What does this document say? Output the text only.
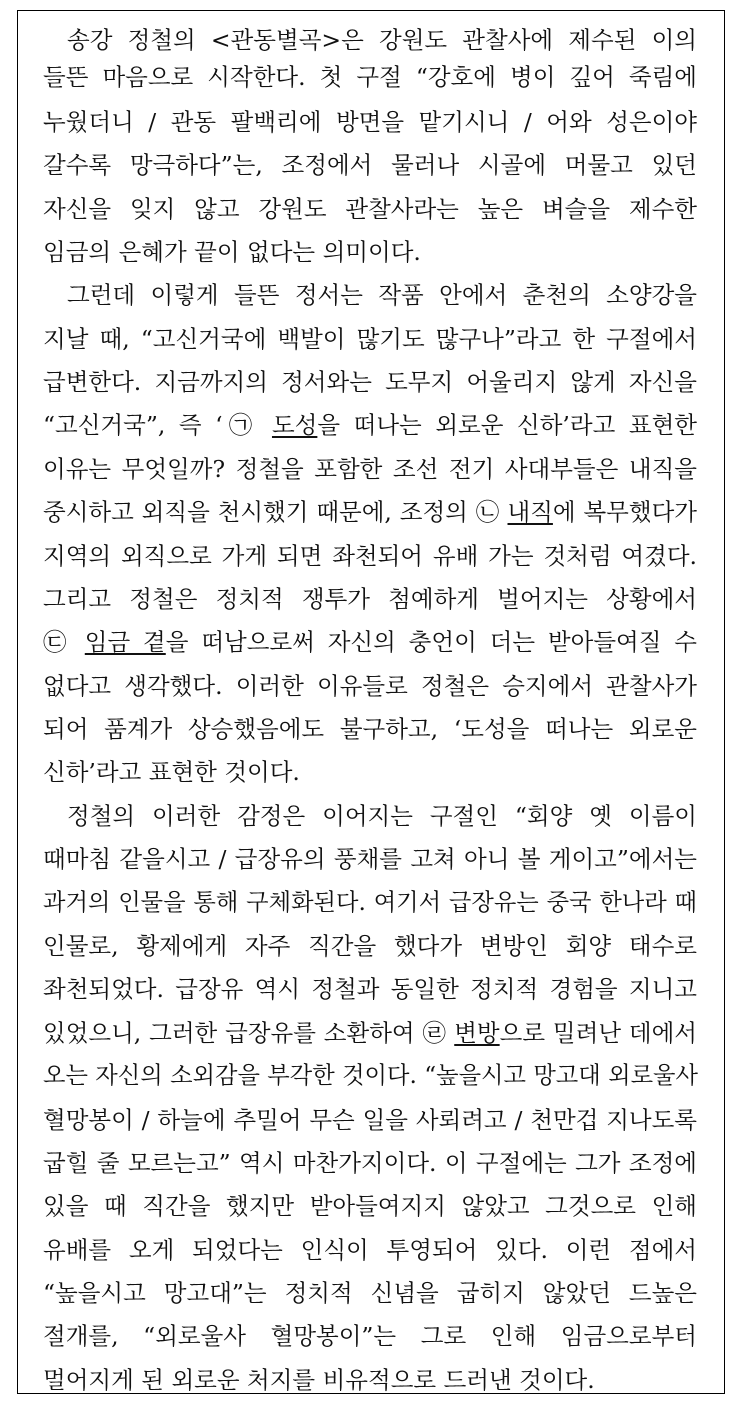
송강 정철의 <관동별곡>은 강원도 관찰사에 제수된 이의

들뜬 마음으로 시작한다. 첫 구절 “강호에 병이 깊어 죽림에

누웠더니 / 관동 팔백리에 방면을 맡기시니 / 어와 성은이야

갈수록 망극하다”는, 조정에서 물러나 시골에 머물고 있던

자신을 잊지 않고 강원도 관찰사라는 높은 벼슬을 제수한

임금의 은혜가 끝이 없다는 의미이다.

그런데 이렇게 들뜬 정서는 작품 안에서 춘천의 소양강을

지날 때, “고신거국에 백발이 많기도 많구나”라고 한 구절에서

급변한다. 지금까지의 정서와는 도무지 어울리지 않게 자신을

“고신거국”, 즉 ‘㉠ 도성을 떠나는 외로운 신하’라고 표현한

이유는 무엇일까? 정철을 포함한 조선 전기 사대부들은 내직을

중시하고 외직을 천시했기 때문에, 조정의 ㉡ 내직에 복무했다가

지역의 외직으로 가게 되면 좌천되어 유배 가는 것처럼 여겼다.

그리고 정철은 정치적 쟁투가 첨예하게 벌어지는 상황에서

㉢ 임금 곁을 떠남으로써 자신의 충언이 더는 받아들여질 수

없다고 생각했다. 이러한 이유들로 정철은 승지에서 관찰사가

되어 품계가 상승했음에도 불구하고, ‘도성을 떠나는 외로운

신하’라고 표현한 것이다.

정철의 이러한 감정은 이어지는 구절인 “회양 옛 이름이

때마침 같을시고 / 급장유의 풍채를 고쳐 아니 볼 게이고”에서는

과거의 인물을 통해 구체화된다. 여기서 급장유는 중국 한나라 때

인물로, 황제에게 자주 직간을 했다가 변방인 회양 태수로

좌천되었다. 급장유 역시 정철과 동일한 정치적 경험을 지니고

있었으니, 그러한 급장유를 소환하여 ㉣ 변방으로 밀려난 데에서

오는 자신의 소외감을 부각한 것이다. “높을시고 망고대 외로울사

혈망봉이 / 하늘에 추밀어 무슨 일을 사뢰려고 / 천만겁 지나도록

굽힐 줄 모르는고” 역시 마찬가지이다. 이 구절에는 그가 조정에

있을 때 직간을 했지만 받아들여지지 않았고 그것으로 인해

유배를 오게 되었다는 인식이 투영되어 있다. 이런 점에서

“높을시고 망고대”는 정치적 신념을 굽히지 않았던 드높은

절개를, “외로울사 혈망봉이”는 그로 인해 임금으로부터

멀어지게 된 외로운 처지를 비유적으로 드러낸 것이다.
